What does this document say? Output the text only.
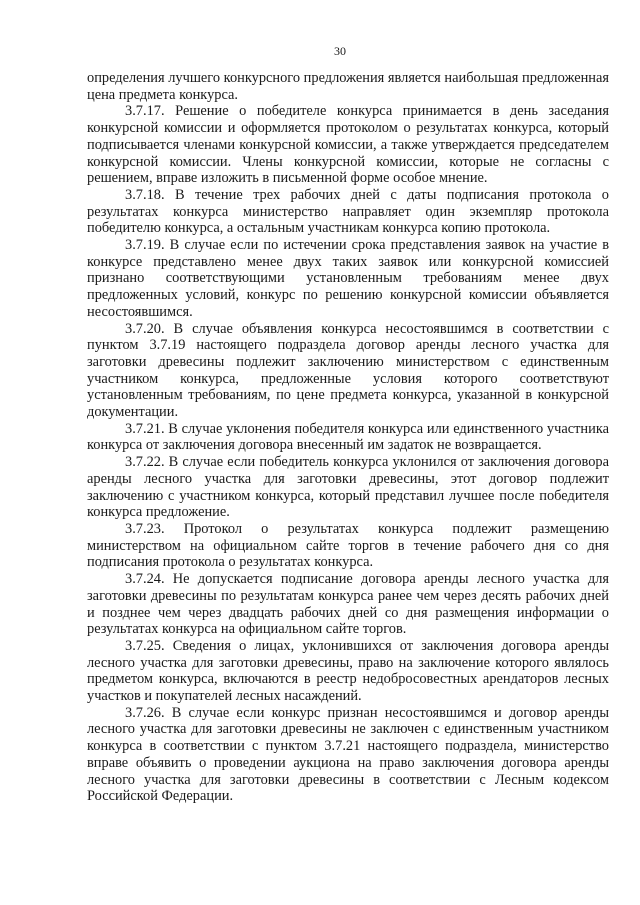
30

определения лучшего конкурсного предложения является наибольшая предложенная цена предмета конкурса.

3.7.17. Решение о победителе конкурса принимается в день заседания конкурсной комиссии и оформляется протоколом о результатах конкурса, который подписывается членами конкурсной комиссии, а также утверждается председателем конкурсной комиссии. Члены конкурсной комиссии, которые не согласны с решением, вправе изложить в письменной форме особое мнение.

3.7.18. В течение трех рабочих дней с даты подписания протокола о результатах конкурса министерство направляет один экземпляр протокола победителю конкурса, а остальным участникам конкурса копию протокола.

3.7.19. В случае если по истечении срока представления заявок на участие в конкурсе представлено менее двух таких заявок или конкурсной комиссией признано соответствующими установленным требованиям менее двух предложенных условий, конкурс по решению конкурсной комиссии объявляется несостоявшимся.

3.7.20. В случае объявления конкурса несостоявшимся в соответствии с пунктом 3.7.19 настоящего подраздела договор аренды лесного участка для заготовки древесины подлежит заключению министерством с единственным участником конкурса, предложенные условия которого соответствуют установленным требованиям, по цене предмета конкурса, указанной в конкурсной документации.

3.7.21. В случае уклонения победителя конкурса или единственного участника конкурса от заключения договора внесенный им задаток не возвращается.

3.7.22. В случае если победитель конкурса уклонился от заключения договора аренды лесного участка для заготовки древесины, этот договор подлежит заключению с участником конкурса, который представил лучшее после победителя конкурса предложение.

3.7.23. Протокол о результатах конкурса подлежит размещению министерством на официальном сайте торгов в течение рабочего дня со дня подписания протокола о результатах конкурса.

3.7.24. Не допускается подписание договора аренды лесного участка для заготовки древесины по результатам конкурса ранее чем через десять рабочих дней и позднее чем через двадцать рабочих дней со дня размещения информации о результатах конкурса на официальном сайте торгов.

3.7.25. Сведения о лицах, уклонившихся от заключения договора аренды лесного участка для заготовки древесины, право на заключение которого являлось предметом конкурса, включаются в реестр недобросовестных арендаторов лесных участков и покупателей лесных насаждений.

3.7.26. В случае если конкурс признан несостоявшимся и договор аренды лесного участка для заготовки древесины не заключен с единственным участником конкурса в соответствии с пунктом 3.7.21 настоящего подраздела, министерство вправе объявить о проведении аукциона на право заключения договора аренды лесного участка для заготовки древесины в соответствии с Лесным кодексом Российской Федерации.
